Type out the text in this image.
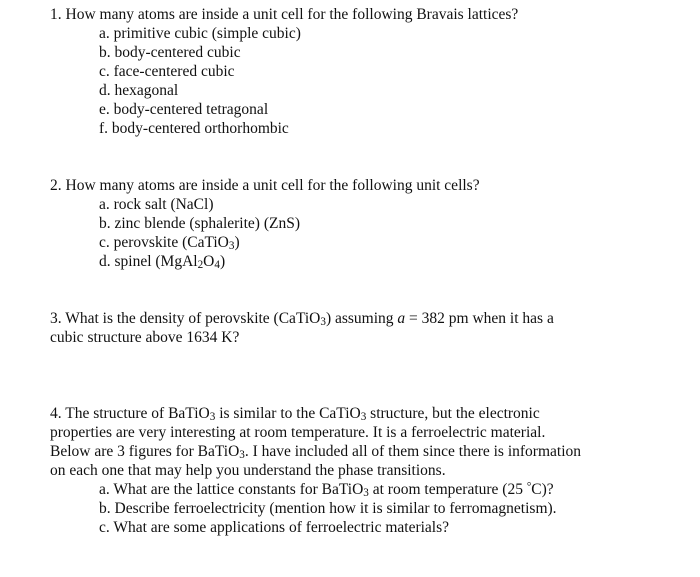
1. How many atoms are inside a unit cell for the following Bravais lattices?
a. primitive cubic (simple cubic)
b. body-centered cubic
c. face-centered cubic
d. hexagonal
e. body-centered tetragonal
f. body-centered orthorhombic
2. How many atoms are inside a unit cell for the following unit cells?
a. rock salt (NaCl)
b. zinc blende (sphalerite) (ZnS)
c. perovskite (CaTiO$_3$)
d. spinel $(MgAl_2O_4)$
3. What is the density of perovskite (CaTiO$_3$) assuming a = 382 pm when it has a
cubic structure above 1634 K?
4. The structure of BaTiO$_3$ is similar to the CaTiO$_3$ structure, but the electronic
properties are very interesting at room temperature. It is a ferroelectric material.
Below are 3 figures for BaTiO$_3$. I have included all of them since there is information
on each one that may help you understand the phase transitions.
a. What are the lattice constants for BaTiO$_3$ at room temperature (25 °C)?
b. Describe ferroelectricity (mention how it is similar to ferromagnetism).
c. What are some applications of ferroelectric materials?
